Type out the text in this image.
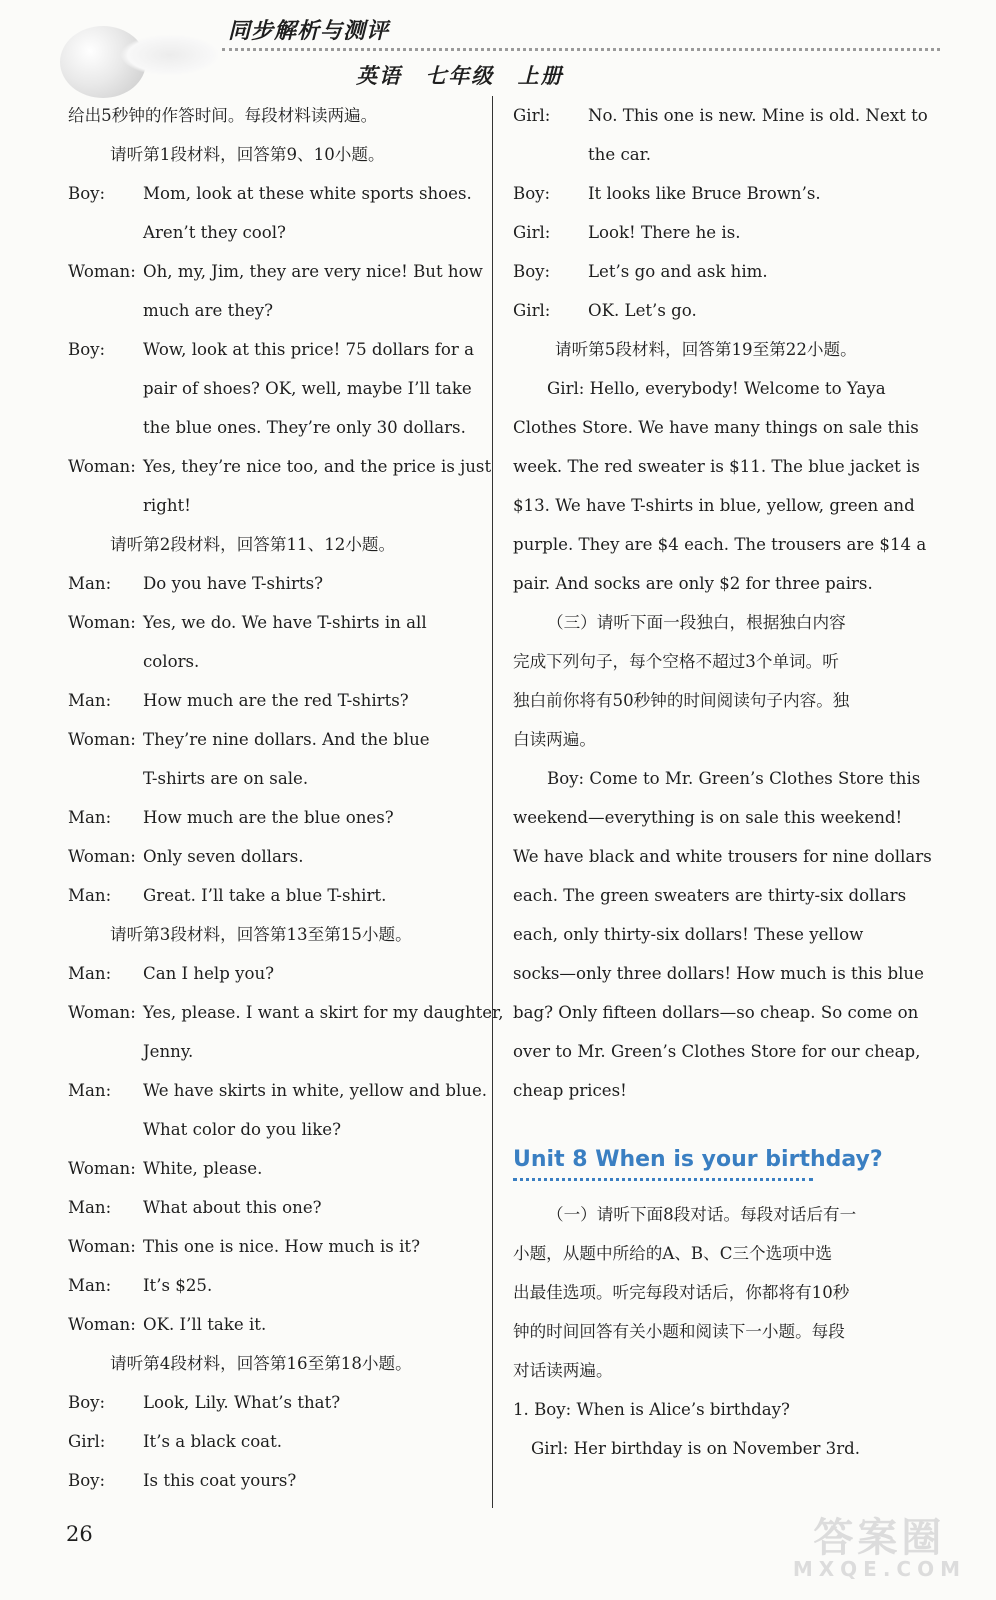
同步解析与测评
英语 七年级 上册
给出5秒钟的作答时间。每段材料读两遍。
请听第1段材料，回答第9、10小题。
Boy:	Mom, look at these white sports shoes.
Aren’t they cool?
Woman: Oh, my, Jim, they are very nice! But how
much are they?
Boy:	Wow, look at this price! 75 dollars for a
pair of shoes? OK, well, maybe I’ll take
the blue ones. They’re only 30 dollars.
Woman: Yes, they’re nice too, and the price is just
right!
请听第2段材料，回答第11、12小题。
Man:	Do you have T-shirts?
Woman: Yes, we do. We have T-shirts in all
colors.
Man:	How much are the red T-shirts?
Woman: They’re nine dollars. And the blue
T-shirts are on sale.
Man:	How much are the blue ones?
Woman: Only seven dollars.
Man:	Great. I’ll take a blue T-shirt.
请听第3段材料，回答第13至第15小题。
Man:	Can I help you?
Woman: Yes, please. I want a skirt for my daughter,
Jenny.
Man:	We have skirts in white, yellow and blue.
What color do you like?
Woman: White, please.
Man:	What about this one?
Woman: This one is nice. How much is it?
Man:	It’s $25.
Woman: OK. I’ll take it.
请听第4段材料，回答第16至第18小题。
Boy:	Look, Lily. What’s that?
Girl:	It’s a black coat.
Boy:	Is this coat yours?
Girl:	No. This one is new. Mine is old. Next to
the car.
Boy:	It looks like Bruce Brown’s.
Girl:	Look! There he is.
Boy:	Let’s go and ask him.
Girl:	OK. Let’s go.
请听第5段材料，回答第19至第22小题。
Girl: Hello, everybody! Welcome to Yaya
Clothes Store. We have many things on sale this
week. The red sweater is $11. The blue jacket is
$13. We have T-shirts in blue, yellow, green and
purple. They are $4 each. The trousers are $14 a
pair. And socks are only $2 for three pairs.
（三）请听下面一段独白，根据独白内容
完成下列句子，每个空格不超过3个单词。听
独白前你将有50秒钟的时间阅读句子内容。独
白读两遍。
Boy: Come to Mr. Green’s Clothes Store this
weekend—everything is on sale this weekend!
We have black and white trousers for nine dollars
each. The green sweaters are thirty-six dollars
each, only thirty-six dollars! These yellow
socks—only three dollars! How much is this blue
bag? Only fifteen dollars—so cheap. So come on
over to Mr. Green’s Clothes Store for our cheap,
cheap prices!
Unit 8 When is your birthday?
（一）请听下面8段对话。每段对话后有一
小题，从题中所给的A、B、C三个选项中选
出最佳选项。听完每段对话后，你都将有10秒
钟的时间回答有关小题和阅读下一小题。每段
对话读两遍。
1. Boy: When is Alice’s birthday?
Girl: Her birthday is on November 3rd.
26	答案圈
MXQE.COM
